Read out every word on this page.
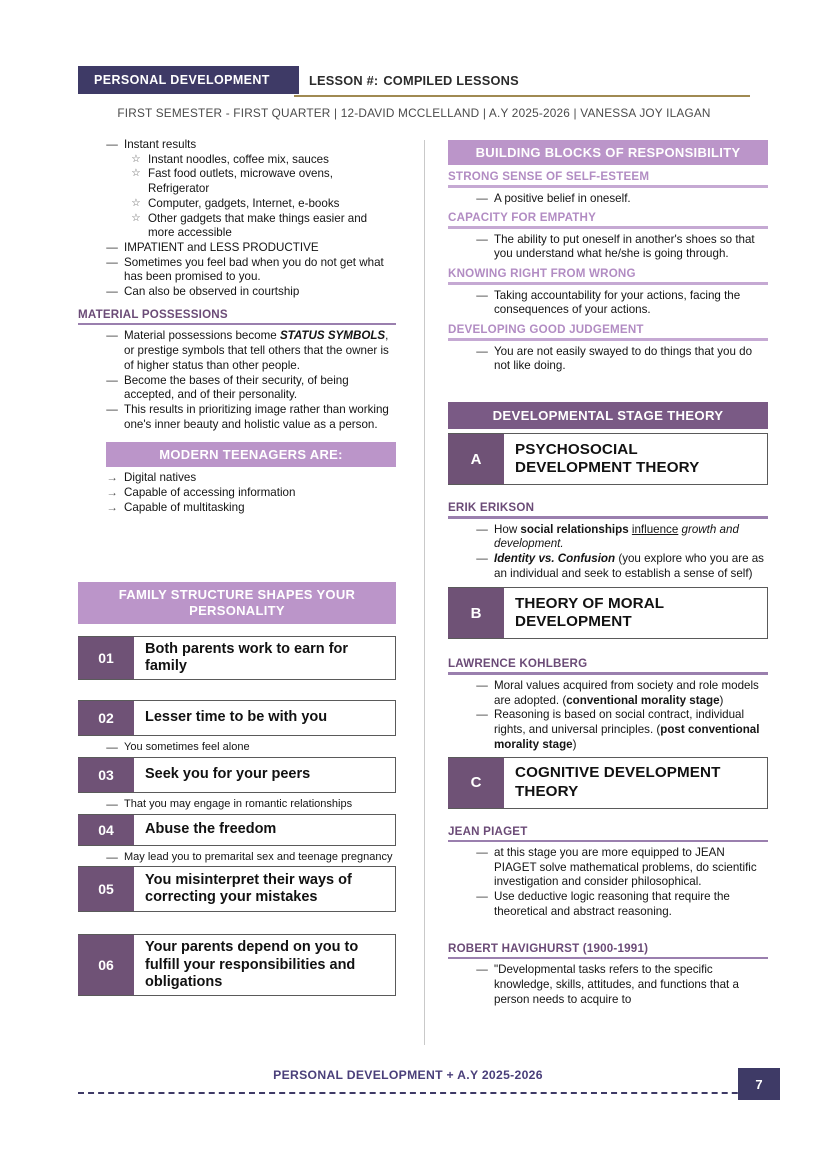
PERSONAL DEVELOPMENT	LESSON #: COMPILED LESSONS
FIRST SEMESTER - FIRST QUARTER | 12-DAVID MCCLELLAND | A.Y 2025-2026 | VANESSA JOY ILAGAN
— Instant results
☆ Instant noodles, coffee mix, sauces
☆ Fast food outlets, microwave ovens, Refrigerator
☆ Computer, gadgets, Internet, e-books
☆ Other gadgets that make things easier and more accessible
— IMPATIENT and LESS PRODUCTIVE
— Sometimes you feel bad when you do not get what has been promised to you.
— Can also be observed in courtship
MATERIAL POSSESSIONS
— Material possessions become STATUS SYMBOLS, or prestige symbols that tell others that the owner is of higher status than other people.
— Become the bases of their security, of being accepted, and of their personality.
— This results in prioritizing image rather than working one's inner beauty and holistic value as a person.
MODERN TEENAGERS ARE:
→ Digital natives
→ Capable of accessing information
→ Capable of multitasking
FAMILY STRUCTURE SHAPES YOUR PERSONALITY
01
Both parents work to earn for family
02	Lesser time to be with you
— You sometimes feel alone
03	Seek you for your peers
— That you may engage in romantic relationships
04	Abuse the freedom
— May lead you to premarital sex and teenage pregnancy
05
You misinterpret their ways of correcting your mistakes
06
Your parents depend on you to fulfill your responsibilities and obligations
BUILDING BLOCKS OF RESPONSIBILITY
STRONG SENSE OF SELF-ESTEEM
— A positive belief in oneself.
CAPACITY FOR EMPATHY
— The ability to put oneself in another's shoes so that you understand what he/she is going through.
KNOWING RIGHT FROM WRONG
— Taking accountability for your actions, facing the consequences of your actions.
DEVELOPING GOOD JUDGEMENT
— You are not easily swayed to do things that you do not like doing.
DEVELOPMENTAL STAGE THEORY
A
PSYCHOSOCIAL DEVELOPMENT THEORY
ERIK ERIKSON
— How social relationships influence growth and development.
— Identity vs. Confusion (you explore who you are as an individual and seek to establish a sense of self)
B
THEORY OF MORAL DEVELOPMENT
LAWRENCE KOHLBERG
— Moral values acquired from society and role models are adopted. (conventional morality stage)
— Reasoning is based on social contract, individual rights, and universal principles. (post conventional morality stage)
C
COGNITIVE DEVELOPMENT THEORY
JEAN PIAGET
— at this stage you are more equipped to JEAN PIAGET solve mathematical problems, do scientific investigation and consider philosophical.
— Use deductive logic reasoning that require the theoretical and abstract reasoning.
ROBERT HAVIGHURST (1900-1991)
— "Developmental tasks refers to the specific knowledge, skills, attitudes, and functions that a person needs to acquire to
PERSONAL DEVELOPMENT + A.Y 2025-2026
7
